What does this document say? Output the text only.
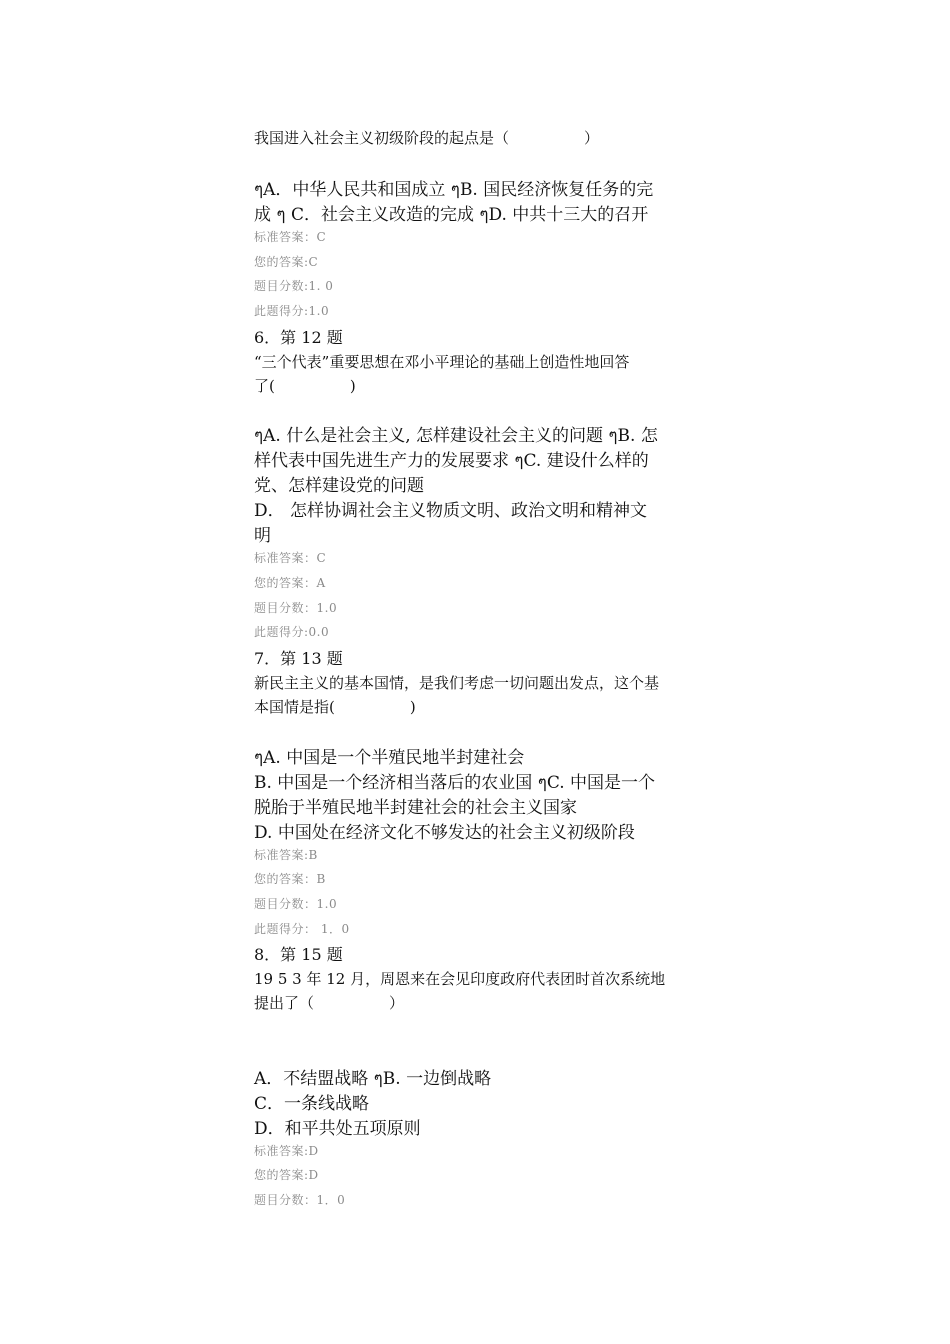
我国进入社会主义初级阶段的起点是（　　　　　）
ๆA．中华人民共和国成立 ๆB. 国民经济恢复任务的完
成 ๆ C．社会主义改造的完成 ๆD. 中共十三大的召开
标准答案：C
您的答案:C
题目分数:1. 0
此题得分:1.0
6．第 12 题
“三个代表”重要思想在邓小平理论的基础上创造性地回答
了(　　　　　)
ๆA. 什么是社会主义, 怎样建设社会主义的问题 ๆB. 怎
样代表中国先进生产力的发展要求 ๆC. 建设什么样的
党、怎样建设党的问题
D． 怎样协调社会主义物质文明、政治文明和精神文
明
标准答案：C
您的答案：A
题目分数：1.0
此题得分:0.0
7．第 13 题
新民主主义的基本国情，是我们考虑一切问题出发点，这个基
本国情是指(　　　　　)
ๆA. 中国是一个半殖民地半封建社会
B. 中国是一个经济相当落后的农业国 ๆC. 中国是一个
脱胎于半殖民地半封建社会的社会主义国家
D. 中国处在经济文化不够发达的社会主义初级阶段
标准答案:B
您的答案：B
题目分数：1.0
此题得分： 1．0
8．第 15 题
19 5 3 年 12 月，周恩来在会见印度政府代表团时首次系统地
提出了（　　　　　）
A．不结盟战略 ๆB. 一边倒战略
C．一条线战略
D．和平共处五项原则
标准答案:D
您的答案:D
题目分数：1．0
